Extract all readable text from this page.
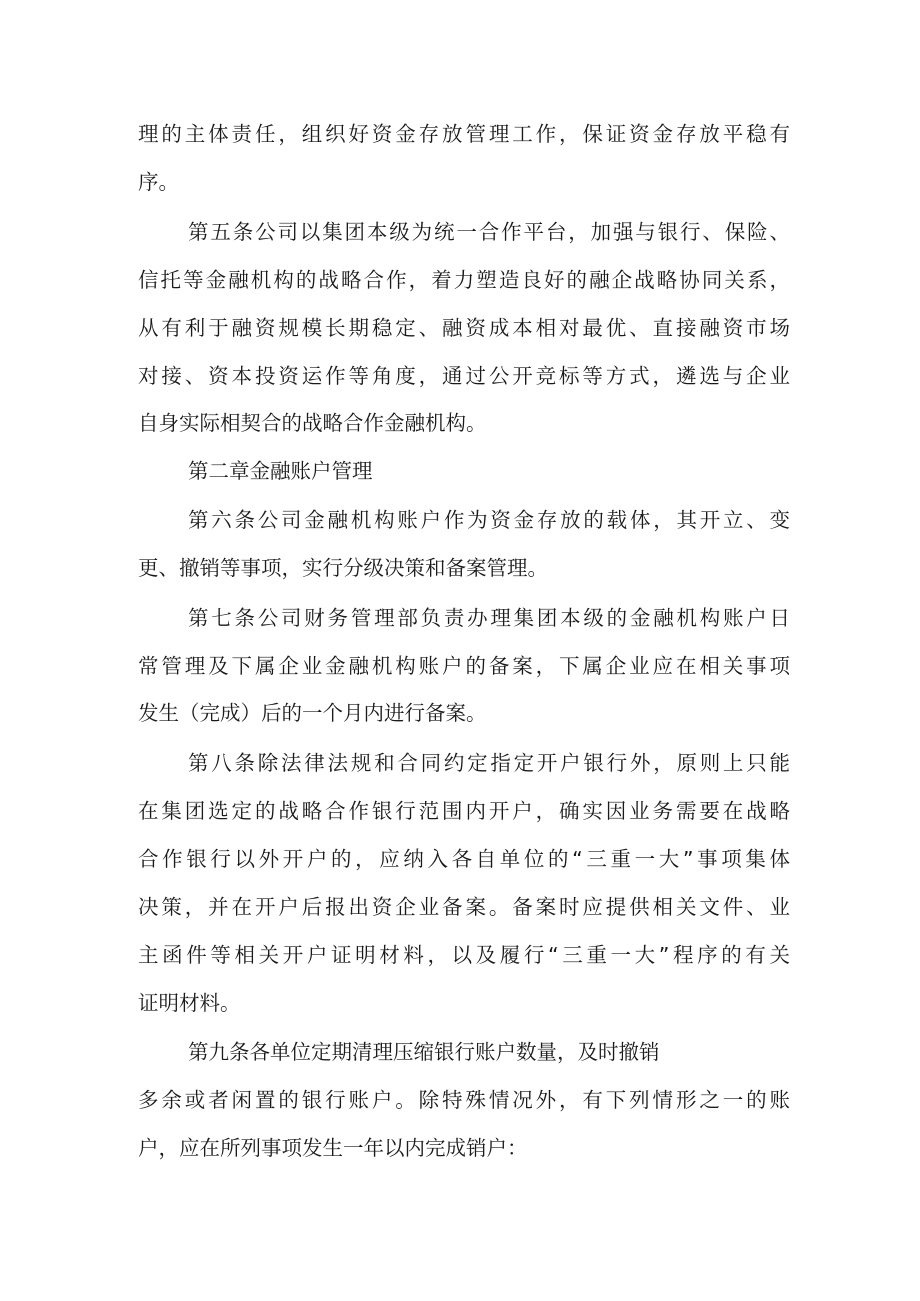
理的主体责任，组织好资金存放管理工作，保证资金存放平稳有
序。
第五条公司以集团本级为统一合作平台，加强与银行、保险、
信托等金融机构的战略合作，着力塑造良好的融企战略协同关系，
从有利于融资规模长期稳定、融资成本相对最优、直接融资市场
对接、资本投资运作等角度，通过公开竞标等方式，遴选与企业
自身实际相契合的战略合作金融机构。
第二章金融账户管理
第六条公司金融机构账户作为资金存放的载体，其开立、变
更、撤销等事项，实行分级决策和备案管理。
第七条公司财务管理部负责办理集团本级的金融机构账户日
常管理及下属企业金融机构账户的备案，下属企业应在相关事项
发生（完成）后的一个月内进行备案。
第八条除法律法规和合同约定指定开户银行外，原则上只能
在集团选定的战略合作银行范围内开户，确实因业务需要在战略
合作银行以外开户的，应纳入各自单位的“三重一大”事项集体
决策，并在开户后报出资企业备案。备案时应提供相关文件、业
主函件等相关开户证明材料，以及履行“三重一大”程序的有关
证明材料。
第九条各单位定期清理压缩银行账户数量，及时撤销
多余或者闲置的银行账户。除特殊情况外，有下列情形之一的账
户，应在所列事项发生一年以内完成销户：
